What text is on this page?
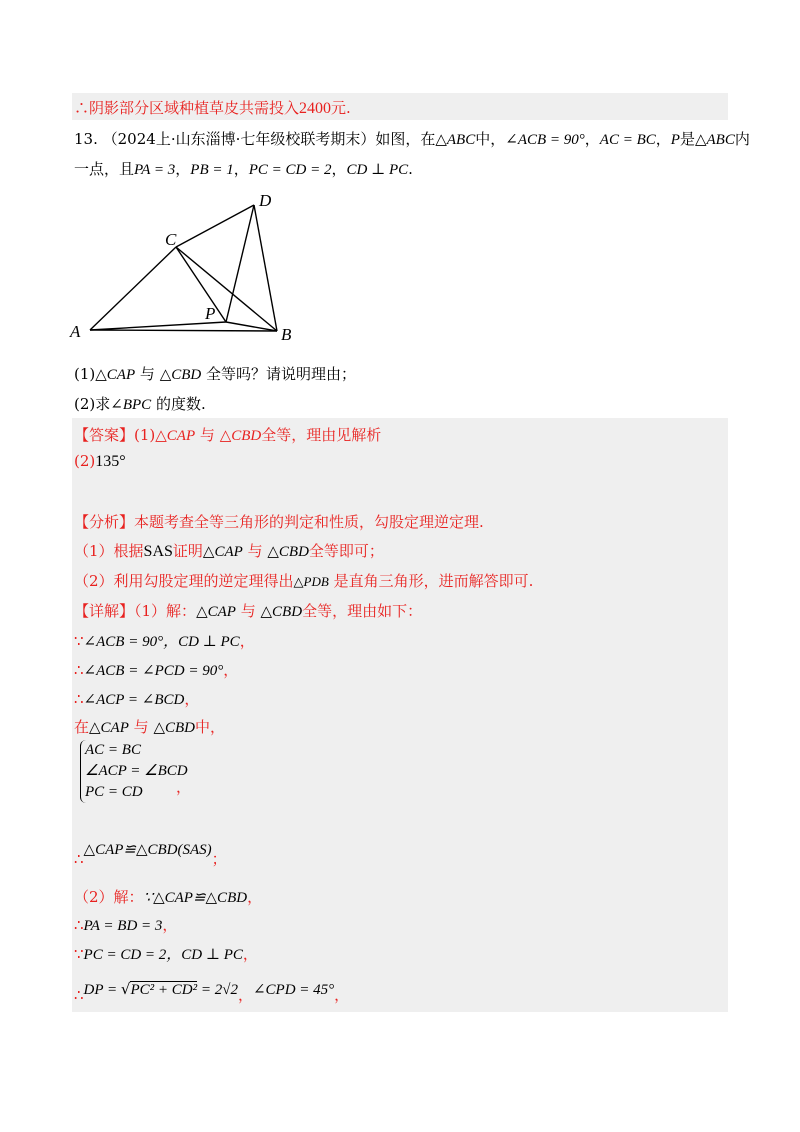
∴阴影部分区域种植草皮共需投入2400元.
13. （2024上·山东淄博·七年级校联考期末）如图，在△ABC中，∠ACB = 90°，AC = BC，P是△ABC内
一点，且PA = 3，PB = 1，PC = CD = 2，CD ⊥ PC.
A	B
C
D
P
(1)△CAP 与 △CBD 全等吗？请说明理由；
(2)求∠BPC 的度数.
【答案】(1)△CAP 与 △CBD全等，理由见解析
(2)135°
【分析】本题考查全等三角形的判定和性质，勾股定理逆定理.
（1）根据SAS证明△CAP 与 △CBD全等即可；
（2）利用勾股定理的逆定理得出△PDB 是直角三角形，进而解答即可.
【详解】（1）解：△CAP 与 △CBD全等，理由如下：
∵∠ACB = 90°，CD ⊥ PC，
∴∠ACB = ∠PCD = 90°，
∴∠ACP = ∠BCD，
在△CAP 与 △CBD中，
AC = BC
∠ACP = ∠BCD
PC = CD	，
∴△CAP≌△CBD(SAS)；
（2）解：∵△CAP≌△CBD，
∴PA = BD = 3，
∵PC = CD = 2，CD ⊥ PC，
∴DP = √PC² + CD² = 2√2，∠CPD = 45°，
